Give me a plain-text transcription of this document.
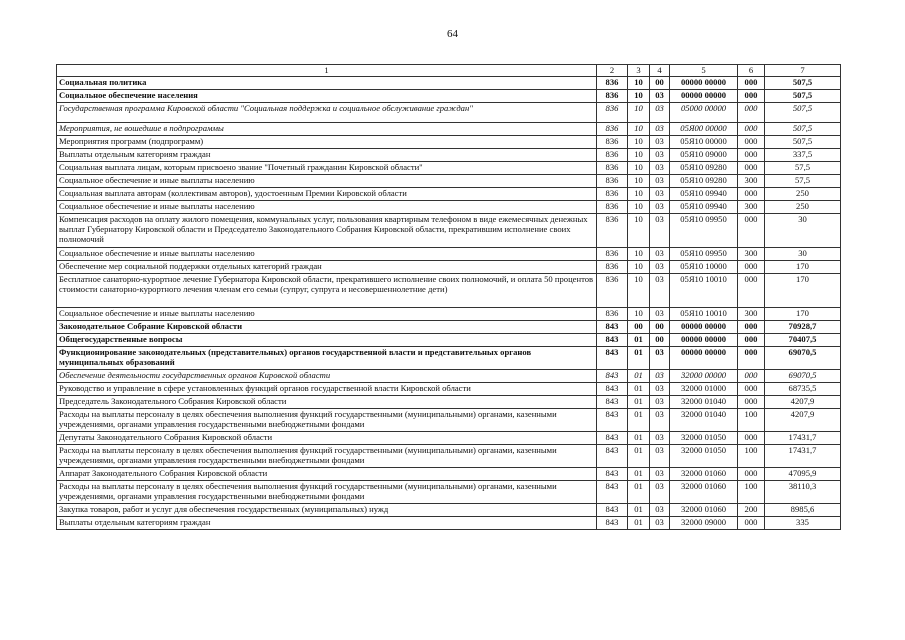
64
1	2	3	4	5	6	7
Социальная политика	836	10	00	00000 00000	000	507,5
Социальное обеспечение населения	836	10	03	00000 00000	000	507,5
Государственная программа Кировской области "Социальная поддержка и социальное обслуживание граждан"	836	10	03	05000 00000	000	507,5
Мероприятия, не вошедшие в подпрограммы	836	10	03	05Я00 00000	000	507,5
Мероприятия программ (подпрограмм)	836	10	03	05Я10 00000	000	507,5
Выплаты отдельным категориям граждан	836	10	03	05Я10 09000	000	337,5
Социальная выплата лицам, которым присвоено звание "Почетный гражданин Кировской области"	836	10	03	05Я10 09280	000	57,5
Социальное обеспечение и иные выплаты населению	836	10	03	05Я10 09280	300	57,5
Социальная выплата авторам (коллективам авторов), удостоенным Премии Кировской области	836	10	03	05Я10 09940	000	250
Социальное обеспечение и иные выплаты населению	836	10	03	05Я10 09940	300	250
Компенсация расходов на оплату жилого помещения, коммунальных услуг, пользования квартирным телефоном в виде ежемесячных денежных выплат Губернатору Кировской области и Председателю Законодательного Собрания Кировской области, прекратившим исполнение своих полномочий	836	10	03	05Я10 09950	000	30
Социальное обеспечение и иные выплаты населению	836	10	03	05Я10 09950	300	30
Обеспечение мер социальной поддержки отдельных категорий граждан	836	10	03	05Я10 10000	000	170
Бесплатное санаторно-курортное лечение Губернатора Кировской области, прекратившего исполнение своих полномочий, и оплата 50 процентов стоимости санаторно-курортного лечения членам его семьи (супруг, супруга и несовершеннолетние дети)	836	10	03	05Я10 10010	000	170
Социальное обеспечение и иные выплаты населению	836	10	03	05Я10 10010	300	170
Законодательное Собрание Кировской области	843	00	00	00000 00000	000	70928,7
Общегосударственные вопросы	843	01	00	00000 00000	000	70407,5
Функционирование законодательных (представительных) органов государственной власти и представительных органов муниципальных образований	843	01	03	00000 00000	000	69070,5
Обеспечение деятельности государственных органов Кировской области	843	01	03	32000 00000	000	69070,5
Руководство и управление в сфере установленных функций органов государственной власти Кировской области	843	01	03	32000 01000	000	68735,5
Председатель Законодательного Собрания Кировской области	843	01	03	32000 01040	000	4207,9
Расходы на выплаты персоналу в целях обеспечения выполнения функций государственными (муниципальными) органами, казенными учреждениями, органами управления государственными внебюджетными фондами	843	01	03	32000 01040	100	4207,9
Депутаты Законодательного Собрания Кировской области	843	01	03	32000 01050	000	17431,7
Расходы на выплаты персоналу в целях обеспечения выполнения функций государственными (муниципальными) органами, казенными учреждениями, органами управления государственными внебюджетными фондами	843	01	03	32000 01050	100	17431,7
Аппарат Законодательного Собрания Кировской области	843	01	03	32000 01060	000	47095,9
Расходы на выплаты персоналу в целях обеспечения выполнения функций государственными (муниципальными) органами, казенными учреждениями, органами управления государственными внебюджетными фондами	843	01	03	32000 01060	100	38110,3
Закупка товаров, работ и услуг для обеспечения государственных (муниципальных) нужд	843	01	03	32000 01060	200	8985,6
Выплаты отдельным категориям граждан	843	01	03	32000 09000	000	335
